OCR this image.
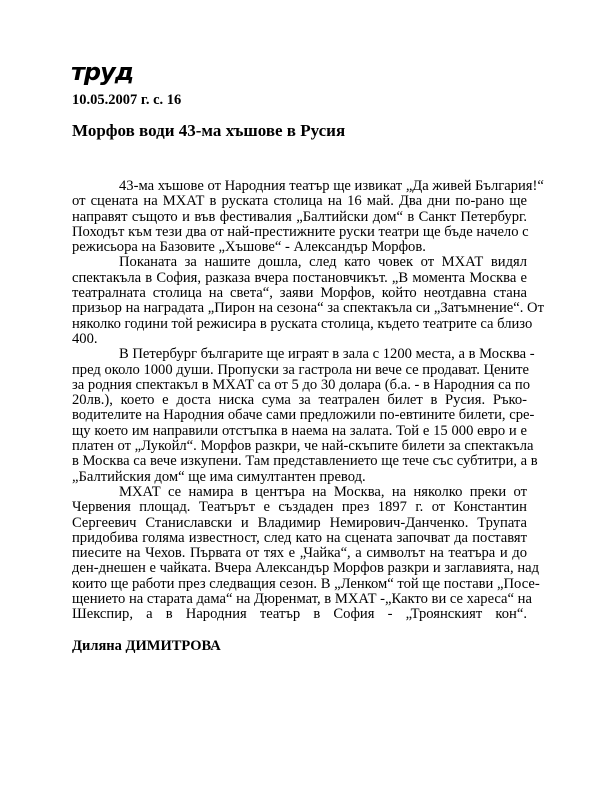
труд
10.05.2007 г. с. 16
Морфов води 43-ма хъшове в Русия
43-ма хъшове от Народния театър ще извикат „Да живей България!“
от сцената на МХАТ в руската столица на 16 май. Два дни по-рано ще
направят същото и във фестивалия „Балтийски дом“ в Санкт Петербург.
Походът към тези два от най-престижните руски театри ще бъде начело с
режисьора на Базовите „Хъшове“ - Александър Морфов.
Поканата за нашите дошла, след като човек от МХАТ видял
спектакъла в София, разказа вчера постановчикът. „В момента Москва е
театралната столица на света“, заяви Морфов, който неотдавна стана
призьор на наградата „Пирон на сезона“ за спектакъла си „Затъмнение“. От
няколко години той режисира в руската столица, където театрите са близо
400.
В Петербург българите ще играят в зала с 1200 места, а в Москва -
пред около 1000 души. Пропуски за гастрола ни вече се продават. Цените
за родния спектакъл в МХАТ са от 5 до 30 долара (б.а. - в Народния са по
20лв.), което е доста ниска сума за театрален билет в Русия. Ръко-
водителите на Народния обаче сами предложили по-евтините билети, сре-
щу което им направили отстъпка в наема на залата. Той е 15 000 евро и е
платен от „Лукойл“. Морфов разкри, че най-скъпите билети за спектакъла
в Москва са вече изкупени. Там представлението ще тече със субтитри, а в
„Балтийския дом“ ще има симултантен превод.
МХАТ се намира в центъра на Москва, на няколко преки от
Червения площад. Театърът е създаден през 1897 г. от Константин
Сергеевич Станиславски и Владимир Немирович-Данченко. Трупата
придобива голяма известност, след като на сцената започват да поставят
пиесите на Чехов. Първата от тях е „Чайка“, а символът на театъра и до
ден-днешен е чайката. Вчера Александър Морфов разкри и заглавията, над
които ще работи през следващия сезон. В „Ленком“ той ще постави „Посе-
щението на старата дама“ на Дюренмат, в МХАТ -„Както ви се хареса“ на
Шекспир, а в Народния театър в София - „Троянският кон“.
Диляна ДИМИТРОВА
